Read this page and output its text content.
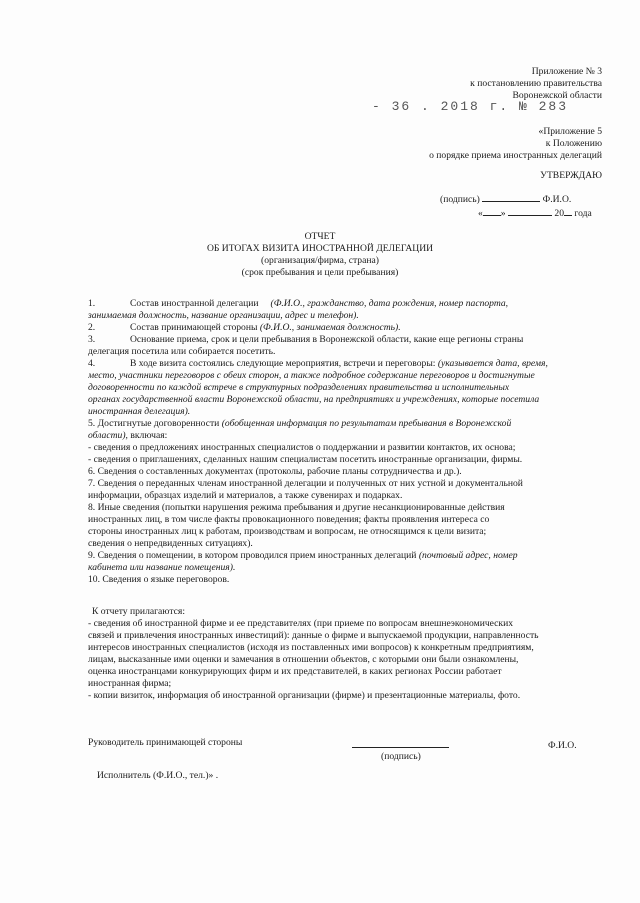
Приложение № 3
к постановлению правительства
Воронежской области
- 36 . 2018 г. № 283
«Приложение 5
к Положению
о порядке приема иностранных делегаций
УТВЕРЖДАЮ
(подпись)	Ф.И.О.
« »	20 года
ОТЧЕТ
ОБ ИТОГАХ ВИЗИТА ИНОСТРАННОЙ ДЕЛЕГАЦИИ
(организация/фирма, страна)
(срок пребывания и цели пребывания)
1.	Состав иностранной делегации (Ф.И.О., гражданство, дата рождения, номер паспорта,
занимаемая должность, название организации, адрес и телефон).
2.	Состав принимающей стороны (Ф.И.О., занимаемая должность).
3.	Основание приема, срок и цели пребывания в Воронежской области, какие еще регионы страны
делегация посетила или собирается посетить.
4.	В ходе визита состоялись следующие мероприятия, встречи и переговоры: (указывается дата, время,
место, участники переговоров с обеих сторон, а также подробное содержание переговоров и достигнутые
договоренности по каждой встрече в структурных подразделениях правительства и исполнительных
органах государственной власти Воронежской области, на предприятиях и учреждениях, которые посетила
иностранная делегация).
5. Достигнутые договоренности (обобщенная информация по результатам пребывания в Воронежской
области), включая:
- сведения о предложениях иностранных специалистов о поддержании и развитии контактов, их основа;
- сведения о приглашениях, сделанных нашим специалистам посетить иностранные организации, фирмы.
6. Сведения о составленных документах (протоколы, рабочие планы сотрудничества и др.).
7. Сведения о переданных членам иностранной делегации и полученных от них устной и документальной
информации, образцах изделий и материалов, а также сувенирах и подарках.
8. Иные сведения (попытки нарушения режима пребывания и другие несанкционированные действия
иностранных лиц, в том числе факты провокационного поведения; факты проявления интереса со
стороны иностранных лиц к работам, производствам и вопросам, не относящимся к цели визита;
сведения о непредвиденных ситуациях).
9. Сведения о помещении, в котором проводился прием иностранных делегаций (почтовый адрес, номер
кабинета или название помещения).
10. Сведения о языке переговоров.
К отчету прилагаются:
- сведения об иностранной фирме и ее представителях (при приеме по вопросам внешнеэкономических
связей и привлечения иностранных инвестиций): данные о фирме и выпускаемой продукции, направленность
интересов иностранных специалистов (исходя из поставленных ими вопросов) к конкретным предприятиям,
лицам, высказанные ими оценки и замечания в отношении объектов, с которыми они были ознакомлены,
оценка иностранцами конкурирующих фирм и их представителей, в каких регионах России работает
иностранная фирма;
- копии визиток, информация об иностранной организации (фирме) и презентационные материалы, фото.
Руководитель принимающей стороны
(подпись)
Ф.И.О.
Исполнитель (Ф.И.О., тел.)» .
